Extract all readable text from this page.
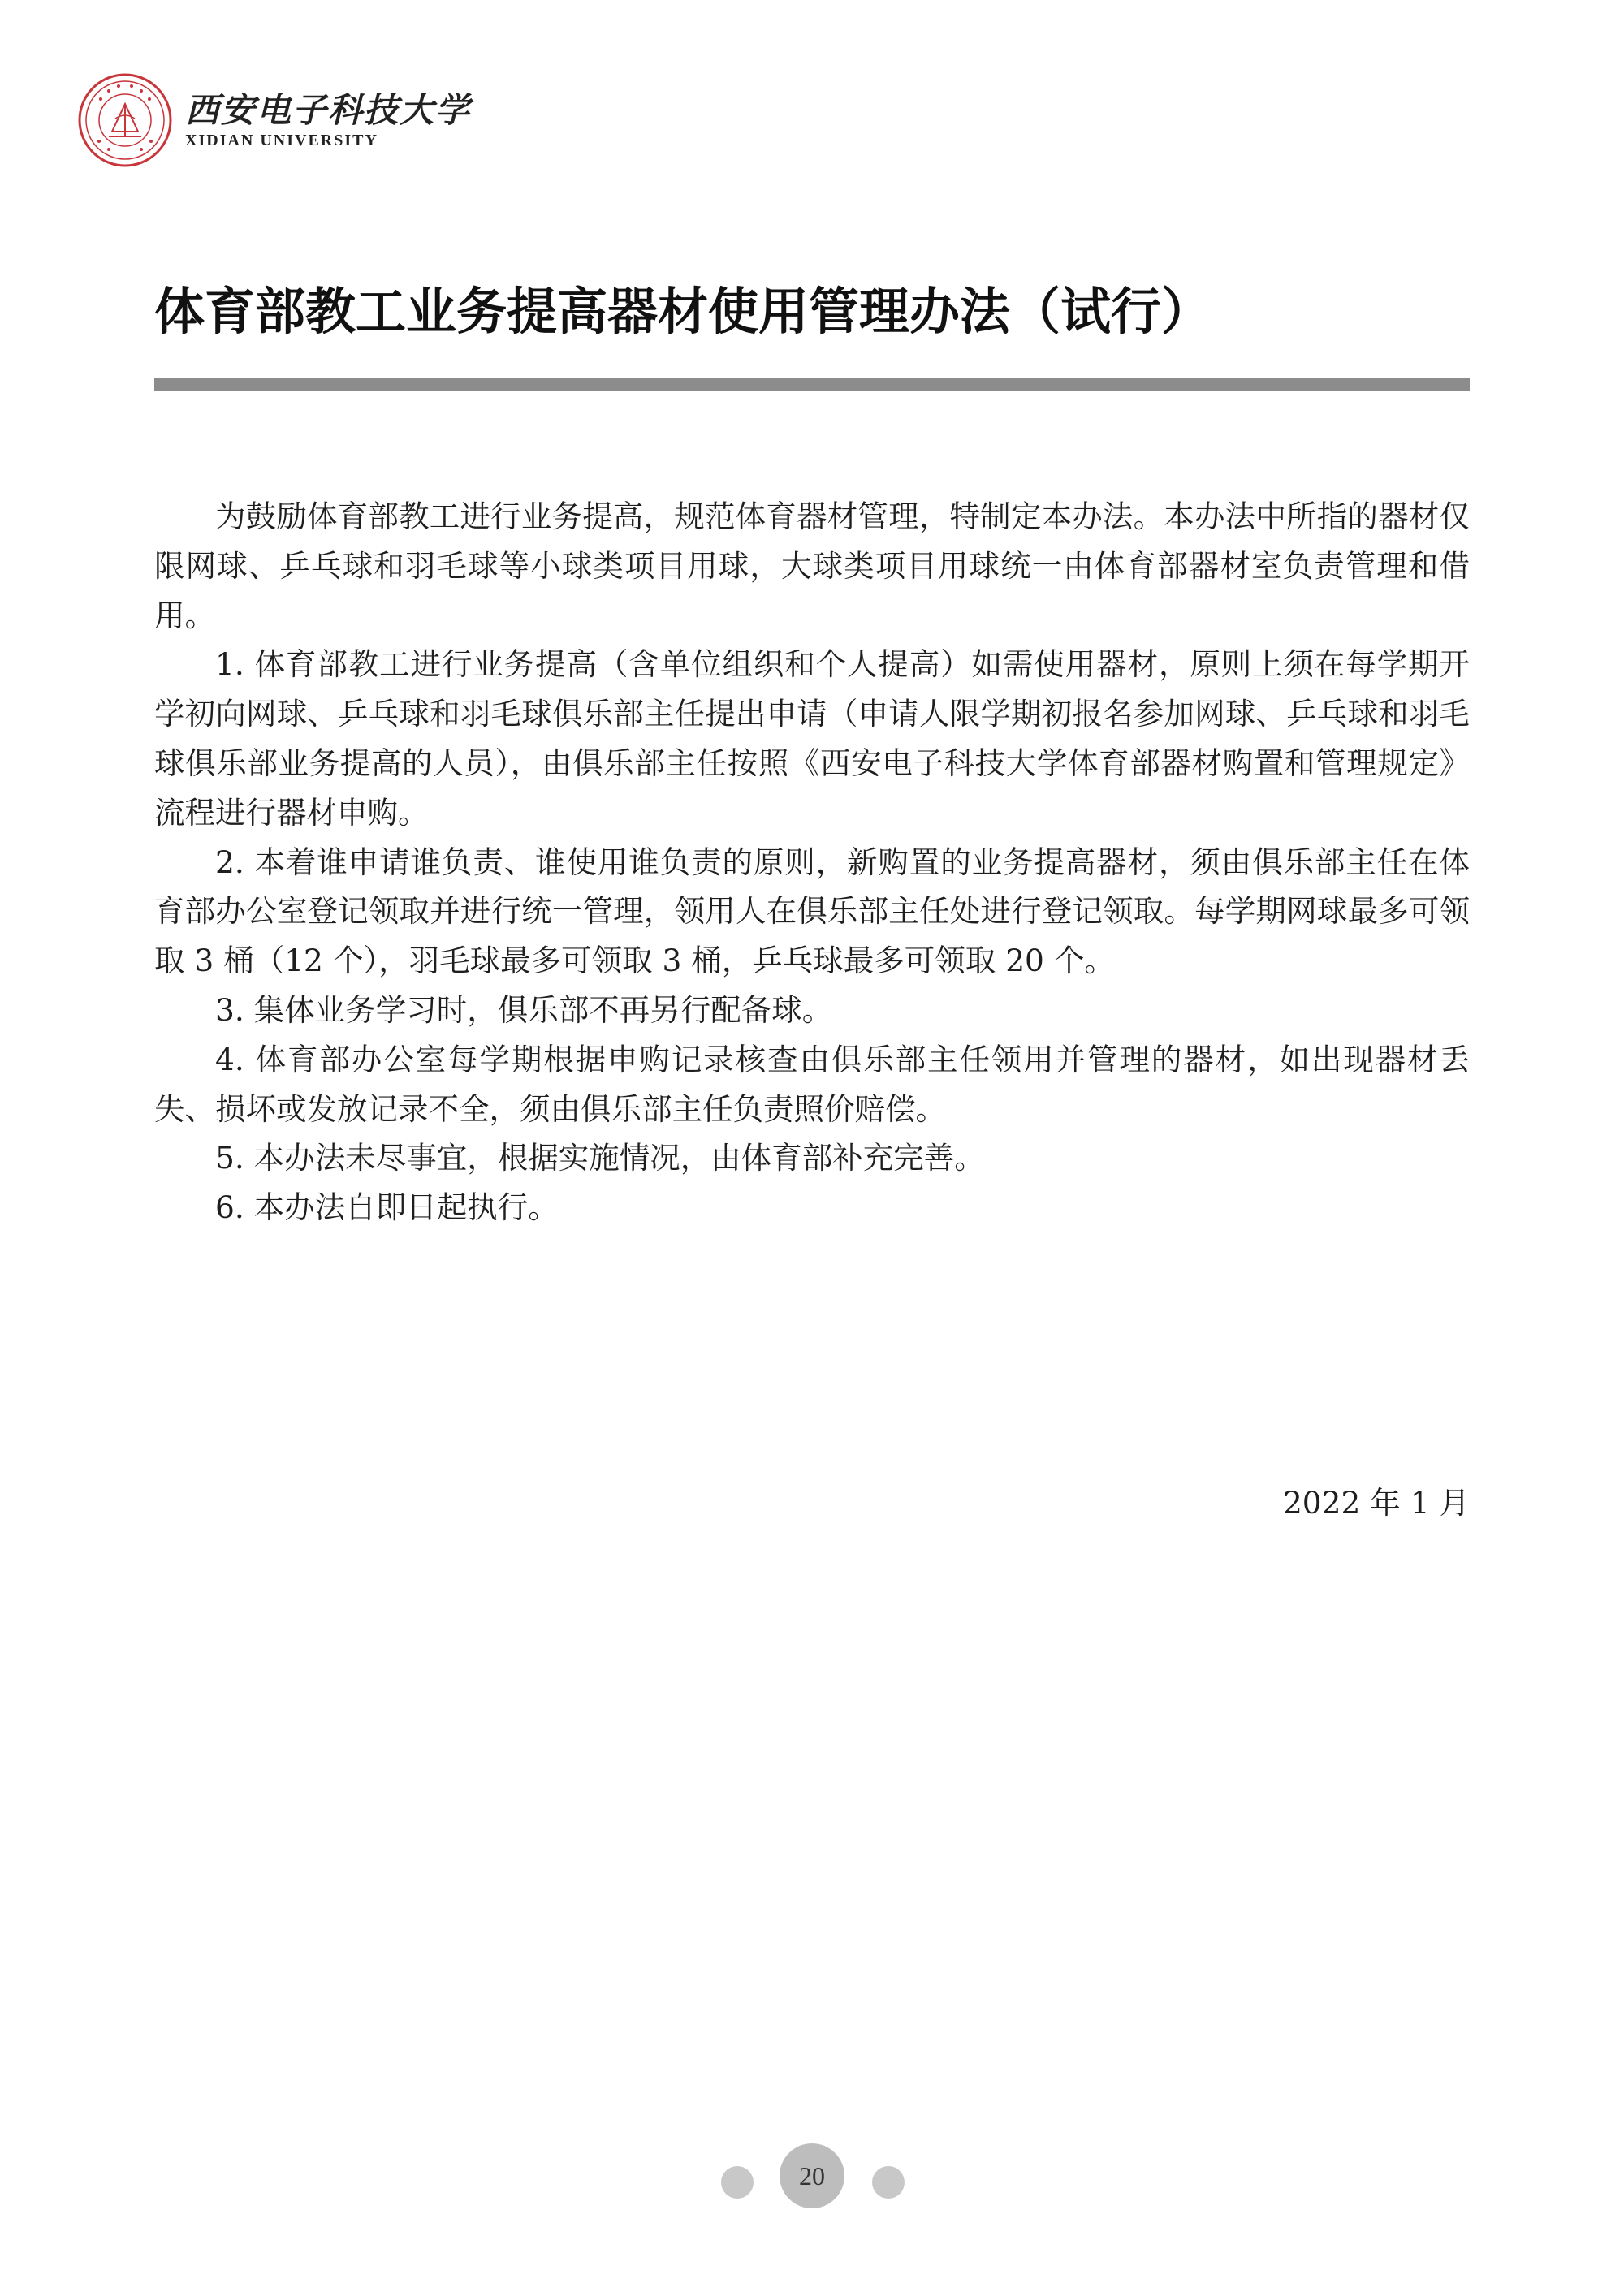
西安电子科技大学
XIDIAN UNIVERSITY
体育部教工业务提高器材使用管理办法（试行）

为鼓励体育部教工进行业务提高，规范体育器材管理，特制定本办法。本办法中所指的器材仅限网球、乒乓球和羽毛球等小球类项目用球，大球类项目用球统一由体育部器材室负责管理和借用。

1. 体育部教工进行业务提高（含单位组织和个人提高）如需使用器材，原则上须在每学期开学初向网球、乒乓球和羽毛球俱乐部主任提出申请（申请人限学期初报名参加网球、乒乓球和羽毛球俱乐部业务提高的人员），由俱乐部主任按照《西安电子科技大学体育部器材购置和管理规定》流程进行器材申购。

2. 本着谁申请谁负责、谁使用谁负责的原则，新购置的业务提高器材，须由俱乐部主任在体育部办公室登记领取并进行统一管理，领用人在俱乐部主任处进行登记领取。每学期网球最多可领取 3 桶（12 个），羽毛球最多可领取 3 桶，乒乓球最多可领取 20 个。

3. 集体业务学习时，俱乐部不再另行配备球。

4. 体育部办公室每学期根据申购记录核查由俱乐部主任领用并管理的器材，如出现器材丢失、损坏或发放记录不全，须由俱乐部主任负责照价赔偿。

5. 本办法未尽事宜，根据实施情况，由体育部补充完善。

6. 本办法自即日起执行。

2022 年 1 月
20
